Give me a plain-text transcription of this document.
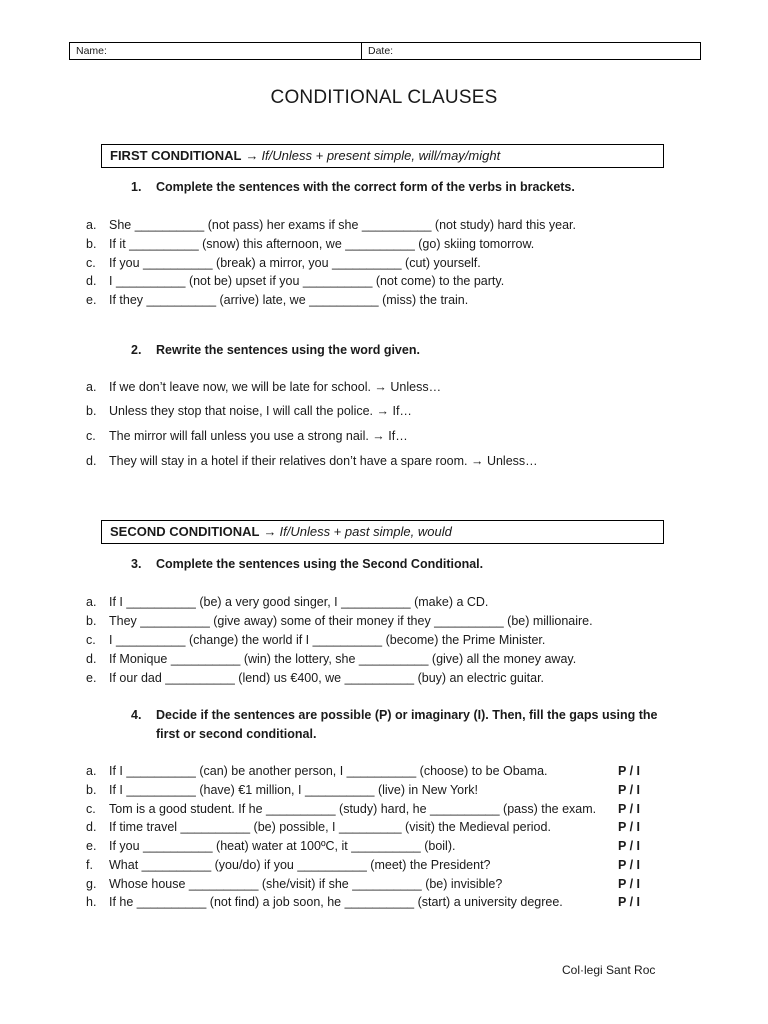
Name:	Date:
CONDITIONAL CLAUSES
FIRST CONDITIONAL → If/Unless + present simple, will/may/might
1. Complete the sentences with the correct form of the verbs in brackets.
a. She __________ (not pass) her exams if she __________ (not study) hard this year.
b. If it __________ (snow) this afternoon, we __________ (go) skiing tomorrow.
c. If you __________ (break) a mirror, you __________ (cut) yourself.
d. I __________ (not be) upset if you __________ (not come) to the party.
e. If they __________ (arrive) late, we __________ (miss) the train.
2. Rewrite the sentences using the word given.
a. If we don’t leave now, we will be late for school. → Unless…
b. Unless they stop that noise, I will call the police. → If…
c. The mirror will fall unless you use a strong nail. → If…
d. They will stay in a hotel if their relatives don’t have a spare room. → Unless…
SECOND CONDITIONAL → If/Unless + past simple, would
3. Complete the sentences using the Second Conditional.
a. If I __________ (be) a very good singer, I __________ (make) a CD.
b. They __________ (give away) some of their money if they __________ (be) millionaire.
c. I __________ (change) the world if I __________ (become) the Prime Minister.
d. If Monique __________ (win) the lottery, she __________ (give) all the money away.
e. If our dad __________ (lend) us €400, we __________ (buy) an electric guitar.
4. Decide if the sentences are possible (P) or imaginary (I). Then, fill the gaps using the
first or second conditional.
a. If I __________ (can) be another person, I __________ (choose) to be Obama.	P / I
b. If I __________ (have) €1 million, I __________ (live) in New York!	P / I
c. Tom is a good student. If he __________ (study) hard, he __________ (pass) the exam. P / I
d. If time travel __________ (be) possible, I _________ (visit) the Medieval period.	P / I
e. If you __________ (heat) water at 100ºC, it __________ (boil).	P / I
f. What __________ (you/do) if you __________ (meet) the President?	P / I
g. Whose house __________ (she/visit) if she __________ (be) invisible?	P / I
h. If he __________ (not find) a job soon, he __________ (start) a university degree.	P / I
Col·legi Sant Roc
